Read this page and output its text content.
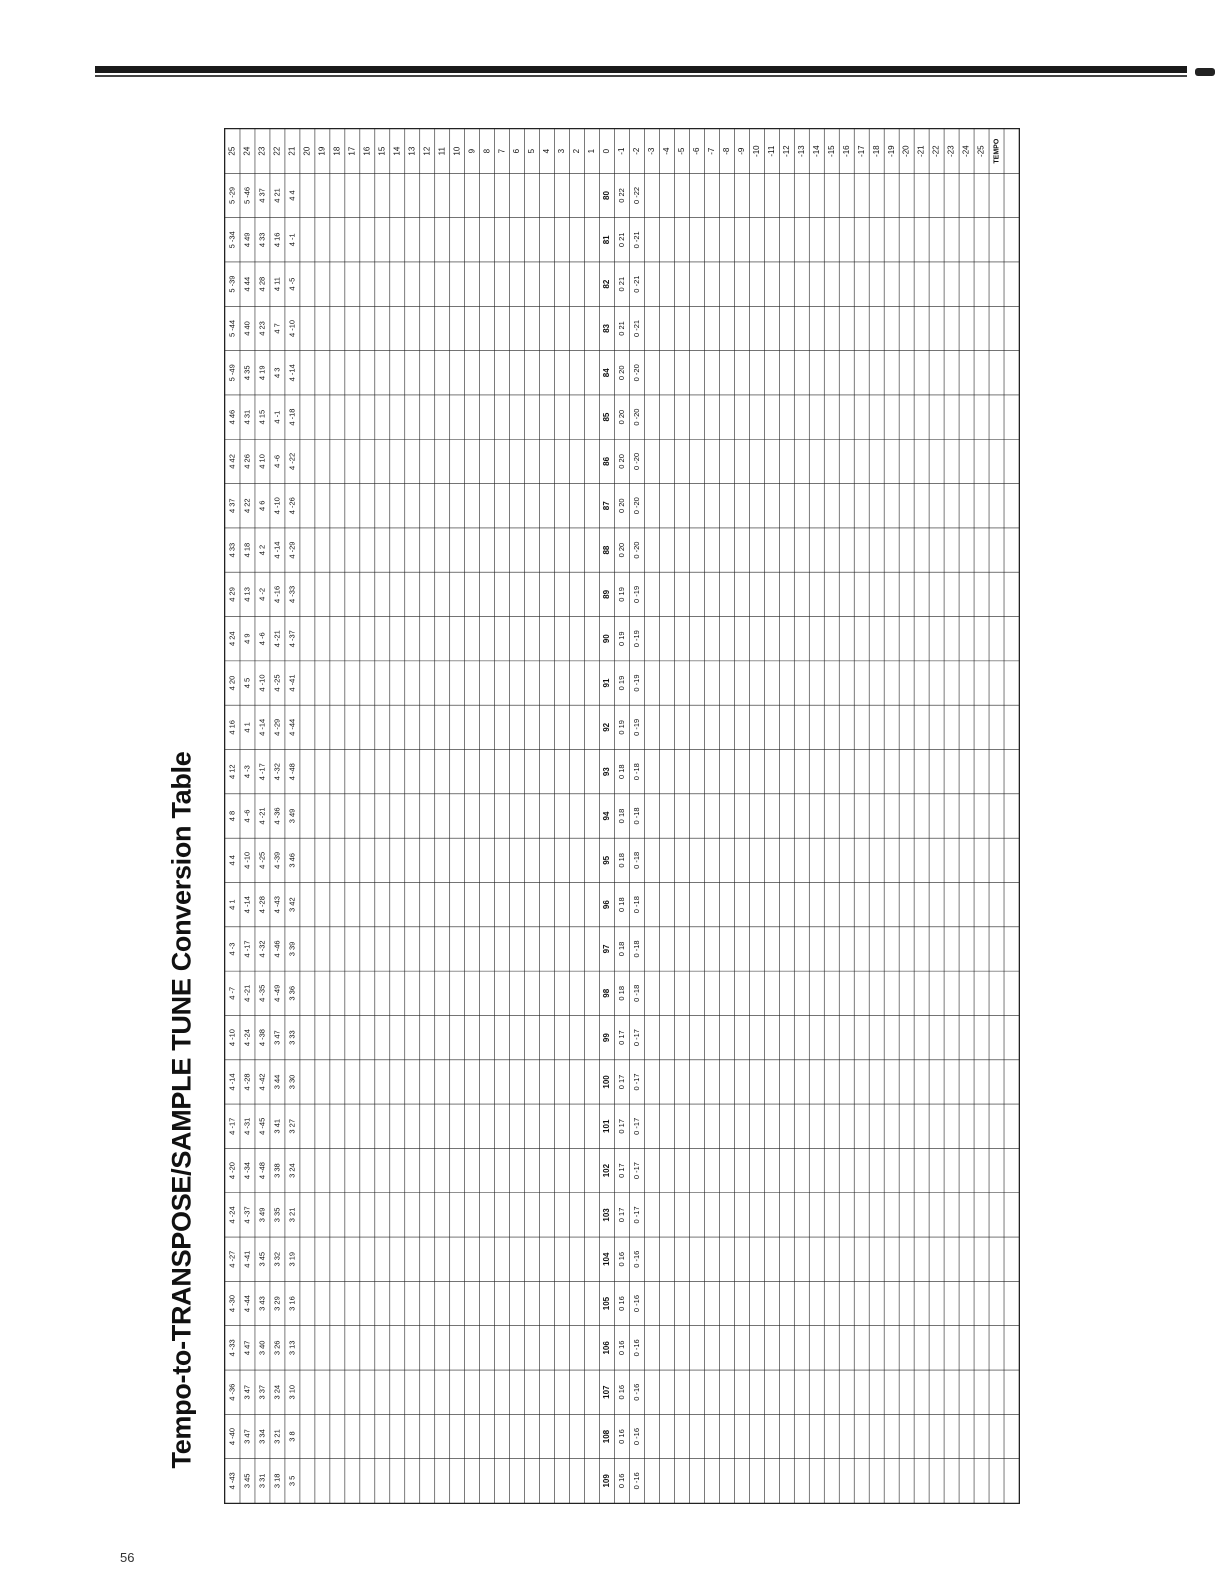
Tempo-to-TRANSPOSE/SAMPLE TUNE Conversion Table
25 24 23 22 21 20 19 18 17 16 15 14 13 12 11 10 9 8 7 6 5 4 3 2 1 0 -1 -2 -3 -4 -5 -6 -7 -8 -9 -10 -11 -12 -13 -14 -15 -16 -17 -18 -19 -20 -21 -22 -23 -24 -25 TEMPO
80
81
82
83
84
85
86
87
88
89
90
91
92
93
94
95
96
97
98
99
100
101
102
103
104
105
106
107
108
109
5 -29
5 -34
5 -39
5 -44
5 -49
4 46
4 42
4 37
4 33
4 29
4 24
4 20
4 16
4 12
4 8
4 4
4 1
4 -3
4 -7
4 -10
4 -14
4 -17
4 -20
4 -24
4 -27
4 -30
4 -33
4 -36
4 -40
4 -43
5 -46
4 49
4 44
4 40
4 35
4 31
4 26
4 22
4 18
4 13
4 9
4 5
4 1
4 -3
4 -6
4 -10
4 -14
4 -17
4 -21
4 -24
4 -28
4 -31
4 -34
4 -37
4 -41
4 -44
4 47
3 47
3 47
3 45
4 37
4 33
4 28
4 23
4 19
4 15
4 10
4 6
4 2
4 -2
4 -6
4 -10
4 -14
4 -17
4 -21
4 -25
4 -28
4 -32
4 -35
4 -38
4 -42
4 -45
4 -48
3 49
3 45
3 43
3 40
3 37
3 34
3 31
4 21
4 16
4 11
4 7
4 3
4 -1
4 -6
4 -10
4 -14
4 -16
4 -21
4 -25
4 -29
4 -32
4 -36
4 -39
4 -43
4 -46
4 -49
3 47
3 44
3 41
3 38
3 35
3 32
3 29
3 26
3 24
3 21
3 18
4 4
4 -1
4 -5
4 -10
4 -14
4 -18
4 -22
4 -26
4 -29
4 -33
4 -37
4 -41
4 -44
4 -48
3 49
3 46
3 42
3 39
3 36
3 33
3 30
3 27
3 24
3 21
3 19
3 16
3 13
3 10
3 8
3 5
0 22
0 21
0 21
0 21
0 20
0 20
0 20
0 20
0 20
0 19
0 19
0 19
0 19
0 18
0 18
0 18
0 18
0 18
0 18
0 17
0 17
0 17
0 17
0 17
0 16
0 16
0 16
0 16
0 16
0 16
0 -22
0 -21
0 -21
0 -21
0 -20
0 -20
0 -20
0 -20
0 -20
0 -19
0 -19
0 -19
0 -19
0 -18
0 -18
0 -18
0 -18
0 -18
0 -18
0 -17
0 -17
0 -17
0 -17
0 -17
0 -16
0 -16
0 -16
0 -16
0 -16
0 -16
56
